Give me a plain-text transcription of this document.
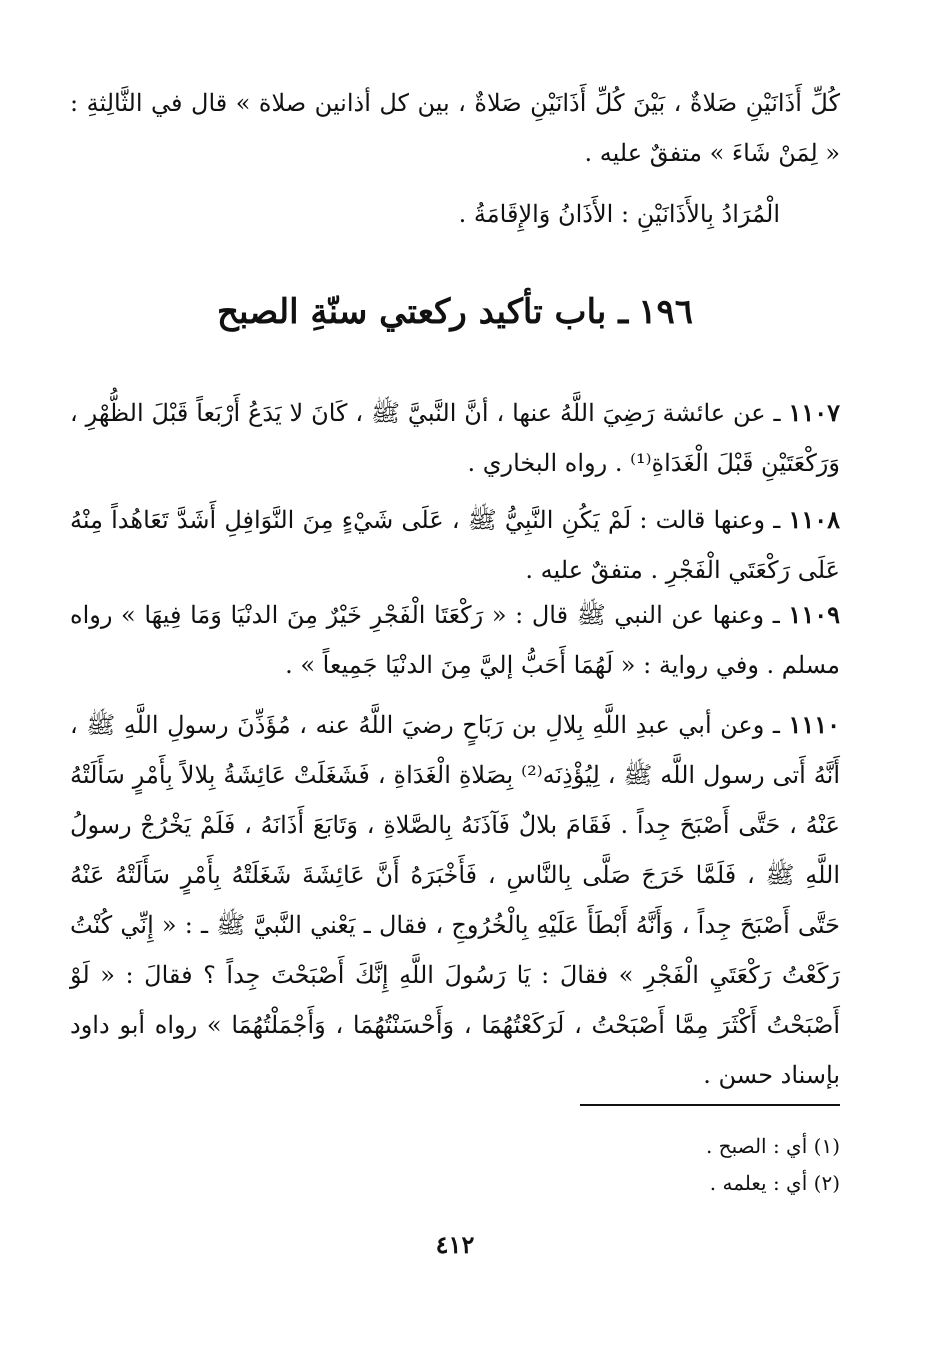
كُلِّ أَذَانَيْنِ صَلاةٌ ، بَيْنَ كُلِّ أَذَانَيْنِ صَلاةٌ ، بين كل أذانين صلاة » قال في الثَّالِثةِ : « لِمَنْ شَاءَ » متفقٌ عليه .

الْمُرَادُ بِالأَذَانَيْنِ : الأَذَانُ وَالإِقَامَةُ .

١٩٦ـ باب تأكيد ركعتي سنّةِ الصبح

١١٠٧ ـ عن عائشة رَضِيَ اللَّهُ عنها ، أنَّ النَّبيَّ ﷺ ، كَانَ لا يَدَعُ أَرْبَعاً قَبْلَ الظُّهْرِ ، وَرَكْعَتَيْنِ قَبْلَ الْغَدَاةِ⁽¹⁾ . رواه البخاري .

١١٠٨ ـ وعنها قالت : لَمْ يَكُنِ النَّبِيُّ ﷺ ، عَلَى شَيْءٍ مِنَ النَّوَافِلِ أَشَدَّ تَعَاهُداً مِنْهُ عَلَى رَكْعَتَي الْفَجْرِ . متفقٌ عليه .

١١٠٩ ـ وعنها عن النبي ﷺ قال : « رَكْعَتَا الْفَجْرِ خَيْرٌ مِنَ الدنْيَا وَمَا فِيهَا » رواه مسلم . وفي رواية : « لَهُمَا أَحَبُّ إليَّ مِنَ الدنْيَا جَمِيعاً » .

١١١٠ ـ وعن أبي عبدِ اللَّهِ بِلالِ بن رَبَاحٍ رضيَ اللَّهُ عنه ، مُؤَذِّنَ رسولِ اللَّهِ ﷺ ، أَنَّهُ أَتى رسول اللَّه ﷺ ، لِيُؤْذِنَه⁽²⁾ بِصَلاةِ الْغَدَاةِ ، فَشَغَلَتْ عَائِشَةُ بِلالاً بِأَمْرٍ سَأَلَتْهُ عَنْهُ ، حَتَّى أَصْبَحَ جِداً . فَقَامَ بلالٌ فَآذَنَهُ بِالصَّلاةِ ، وَتَابَعَ أَذَانَهُ ، فَلَمْ يَخْرُجْ رسولُ اللَّهِ ﷺ ، فَلَمَّا خَرَجَ صَلَّى بِالنَّاسِ ، فَأَخْبَرَهُ أَنَّ عَائِشَةَ شَغَلَتْهُ بِأَمْرٍ سَأَلَتْهُ عَنْهُ حَتَّى أَصْبَحَ جِداً ، وَأَنَّهُ أَبْطَأَ عَلَيْهِ بِالْخُرُوجِ ، فقال ـ يَعْني النَّبيَّ ﷺ ـ : « إِنِّي كُنْتُ رَكَعْتُ رَكْعَتَيِ الْفَجْرِ » فقالَ : يَا رَسُولَ اللَّهِ إِنَّكَ أَصْبَحْتَ جِداً ؟ فقالَ : « لَوْ أَصْبَحْتُ أَكْثَرَ مِمَّا أَصْبَحْتُ ، لَرَكَعْتُهُمَا ، وَأَحْسَنْتُهُمَا ، وَأَجْمَلْتُهُمَا » رواه أبو داود بإسناد حسن .

(١) أي : الصبح .

(٢) أي : يعلمه .

٤١٢
